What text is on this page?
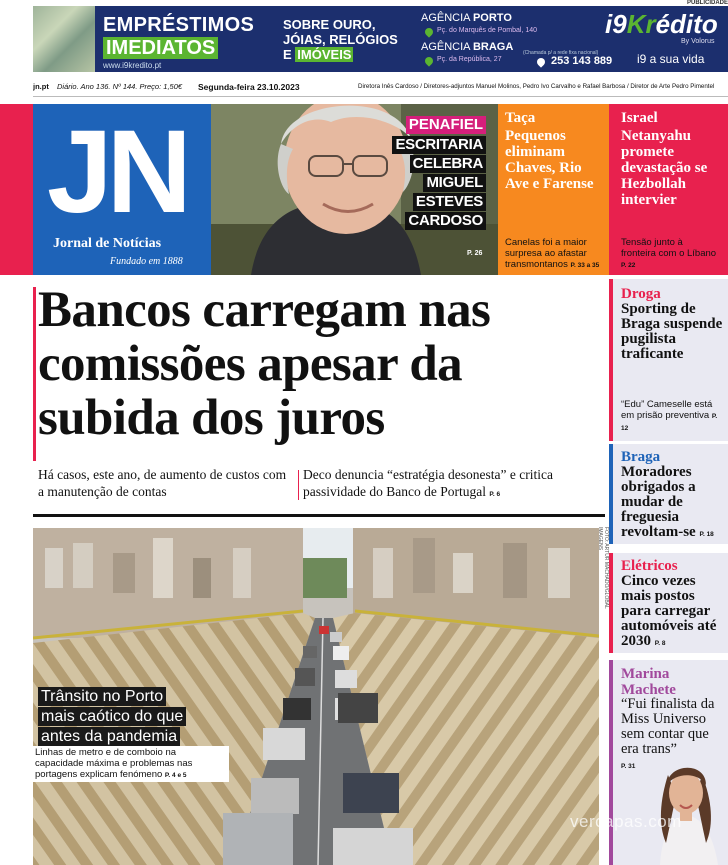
PUBLICIDADE
EMPRÉSTIMOS
IMEDIATOS
www.i9kredito.pt
SOBRE OURO,
JÓIAS, RELÓGIOS
E IMÓVEIS
AGÊNCIA PORTO
Pç. do Marquês de Pombal, 140
AGÊNCIA BRAGA
Pç. da República, 27
(Chamada p/ a rede fixa nacional)
253 143 889
i9Krédito
By Volorus
i9 a sua vida
jn.pt Diário. Ano 136. Nº 144. Preço: 1,50€ Segunda-feira 23.10.2023	Diretora Inês Cardoso / Diretores-adjuntos Manuel Molinos, Pedro Ivo Carvalho e Rafael Barbosa / Diretor de Arte Pedro Pimentel
JN
Jornal de Notícias
Fundado em 1888
PENAFIEL
ESCRITARIA
CELEBRA
MIGUEL
ESTEVES
CARDOSO
P. 26
Taça
Pequenos eliminam Chaves, Rio Ave e Farense
Canelas foi a maior surpresa ao afastar transmontanos P. 33 a 35
Israel
Netanyahu promete devastação se Hezbollah intervier
Tensão junto à fronteira com o Líbano P. 22
Bancos carregam nas comissões apesar da subida dos juros
Há casos, este ano, de aumento de custos com a manutenção de contas
Deco denuncia “estratégia desonesta” e critica passividade do Banco de Portugal P. 6
FOTO: ARTUR MACHADO/GLOBAL IMAGENS
Trânsito no Porto
mais caótico do que
antes da pandemia
Linhas de metro e de comboio na capacidade máxima e problemas nas portagens explicam fenómeno P. 4 e 5
Droga
Sporting de Braga suspende pugilista traficante
“Edu” Cameselle está em prisão preventiva P. 12
Braga
Moradores obrigados a mudar de freguesia revoltam-se P. 18
Elétricos
Cinco vezes mais postos para carregar automóveis até 2030 P. 8
Marina Machete
“Fui finalista da Miss Universo sem contar que era trans”
P. 31
vercapas.com
